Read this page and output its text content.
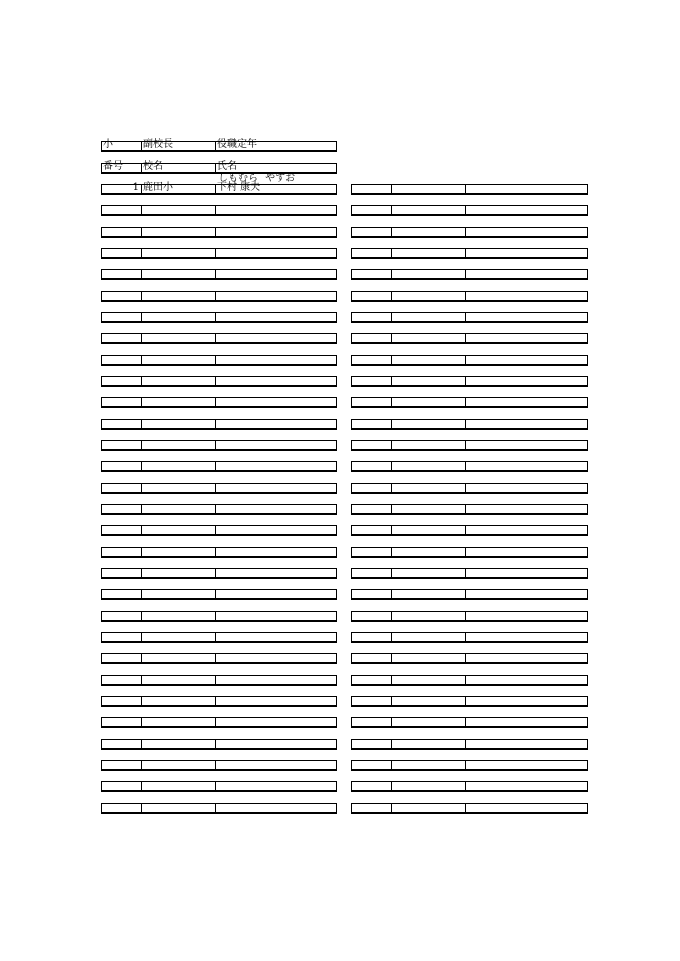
小	副校長	役職定年
番号 校名	氏名
しもむら やすお
1 鹿田小	下村 康夫
